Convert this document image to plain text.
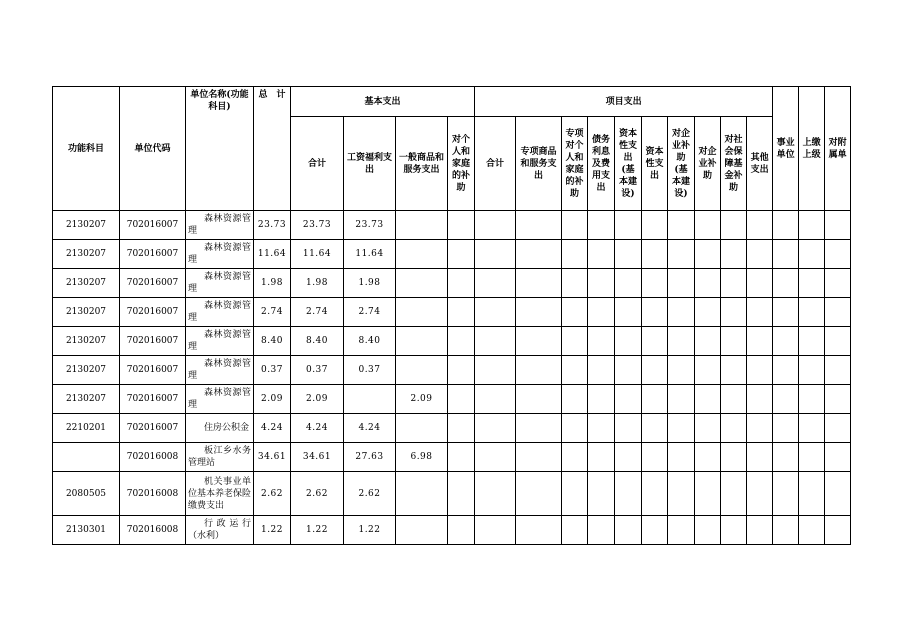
功能科目	单位代码	单位名称(功能科目)	总　计	基本支出				项目支出										事业单位	上缴上级	对附属单

				合计	工资福利支出	一般商品和服务支出	对个人和家庭的补助	合计	专项商品和服务支出	专项对个人和家庭的补助	债务利息及费用支出	资本性支出(基本建设)	资本性支出	对企业补助(基本建设)	对企业补助	对社会保障基金补助	其他支出			

2130207	702016007	森林资源管理	23.73	23.73	23.73															
2130207	702016007	森林资源管理	11.64	11.64	11.64															
2130207	702016007	森林资源管理	1.98	1.98	1.98															
2130207	702016007	森林资源管理	2.74	2.74	2.74															
2130207	702016007	森林资源管理	8.40	8.40	8.40															
2130207	702016007	森林资源管理	0.37	0.37	0.37															
2130207	702016007	森林资源管理	2.09	2.09		2.09														
2210201	702016007	住房公积金	4.24	4.24	4.24															
	702016008	板江乡水务管理站	34.61	34.61	27.63	6.98														
2080505	702016008	机关事业单位基本养老保险缴费支出	2.62	2.62	2.62															
2130301	702016008	行政运行（水利）	1.22	1.22	1.22															
